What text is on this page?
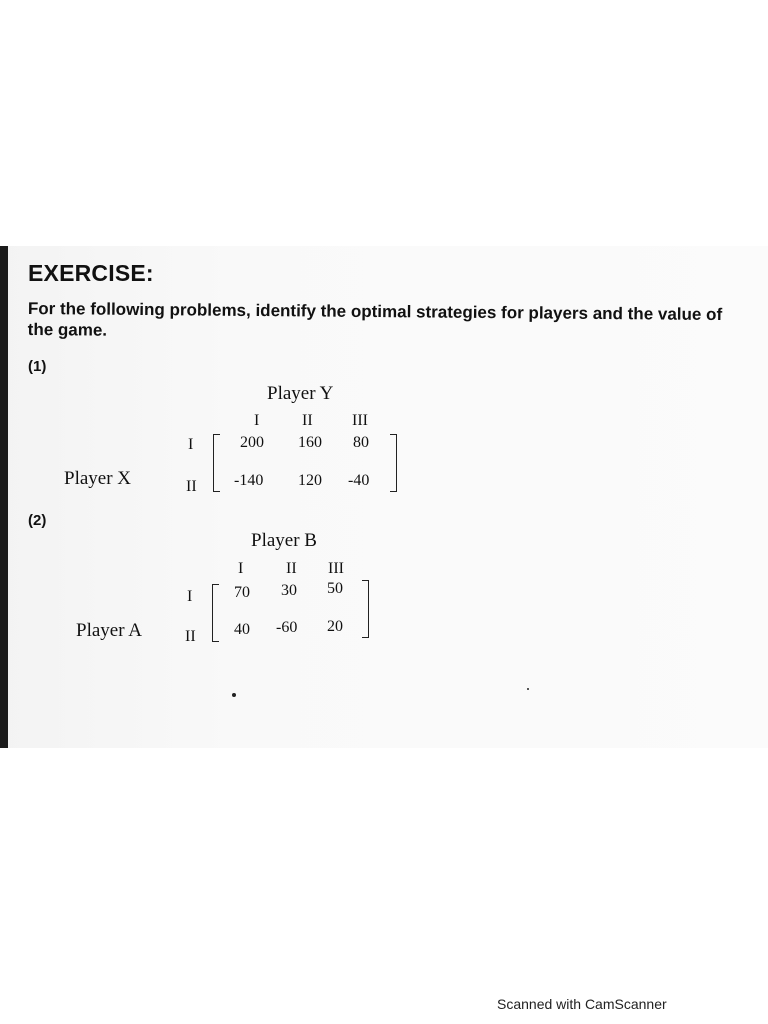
EXERCISE:
For the following problems, identify the optimal strategies for players and the value of the game.
(1)
Player Y
I	II III
I
II
Player X
200 160 80
-140 120 -40
(2)
Player B
I	II III
I
II
Player A
70 30 50
40 -60 20
Scanned with CamScanner
